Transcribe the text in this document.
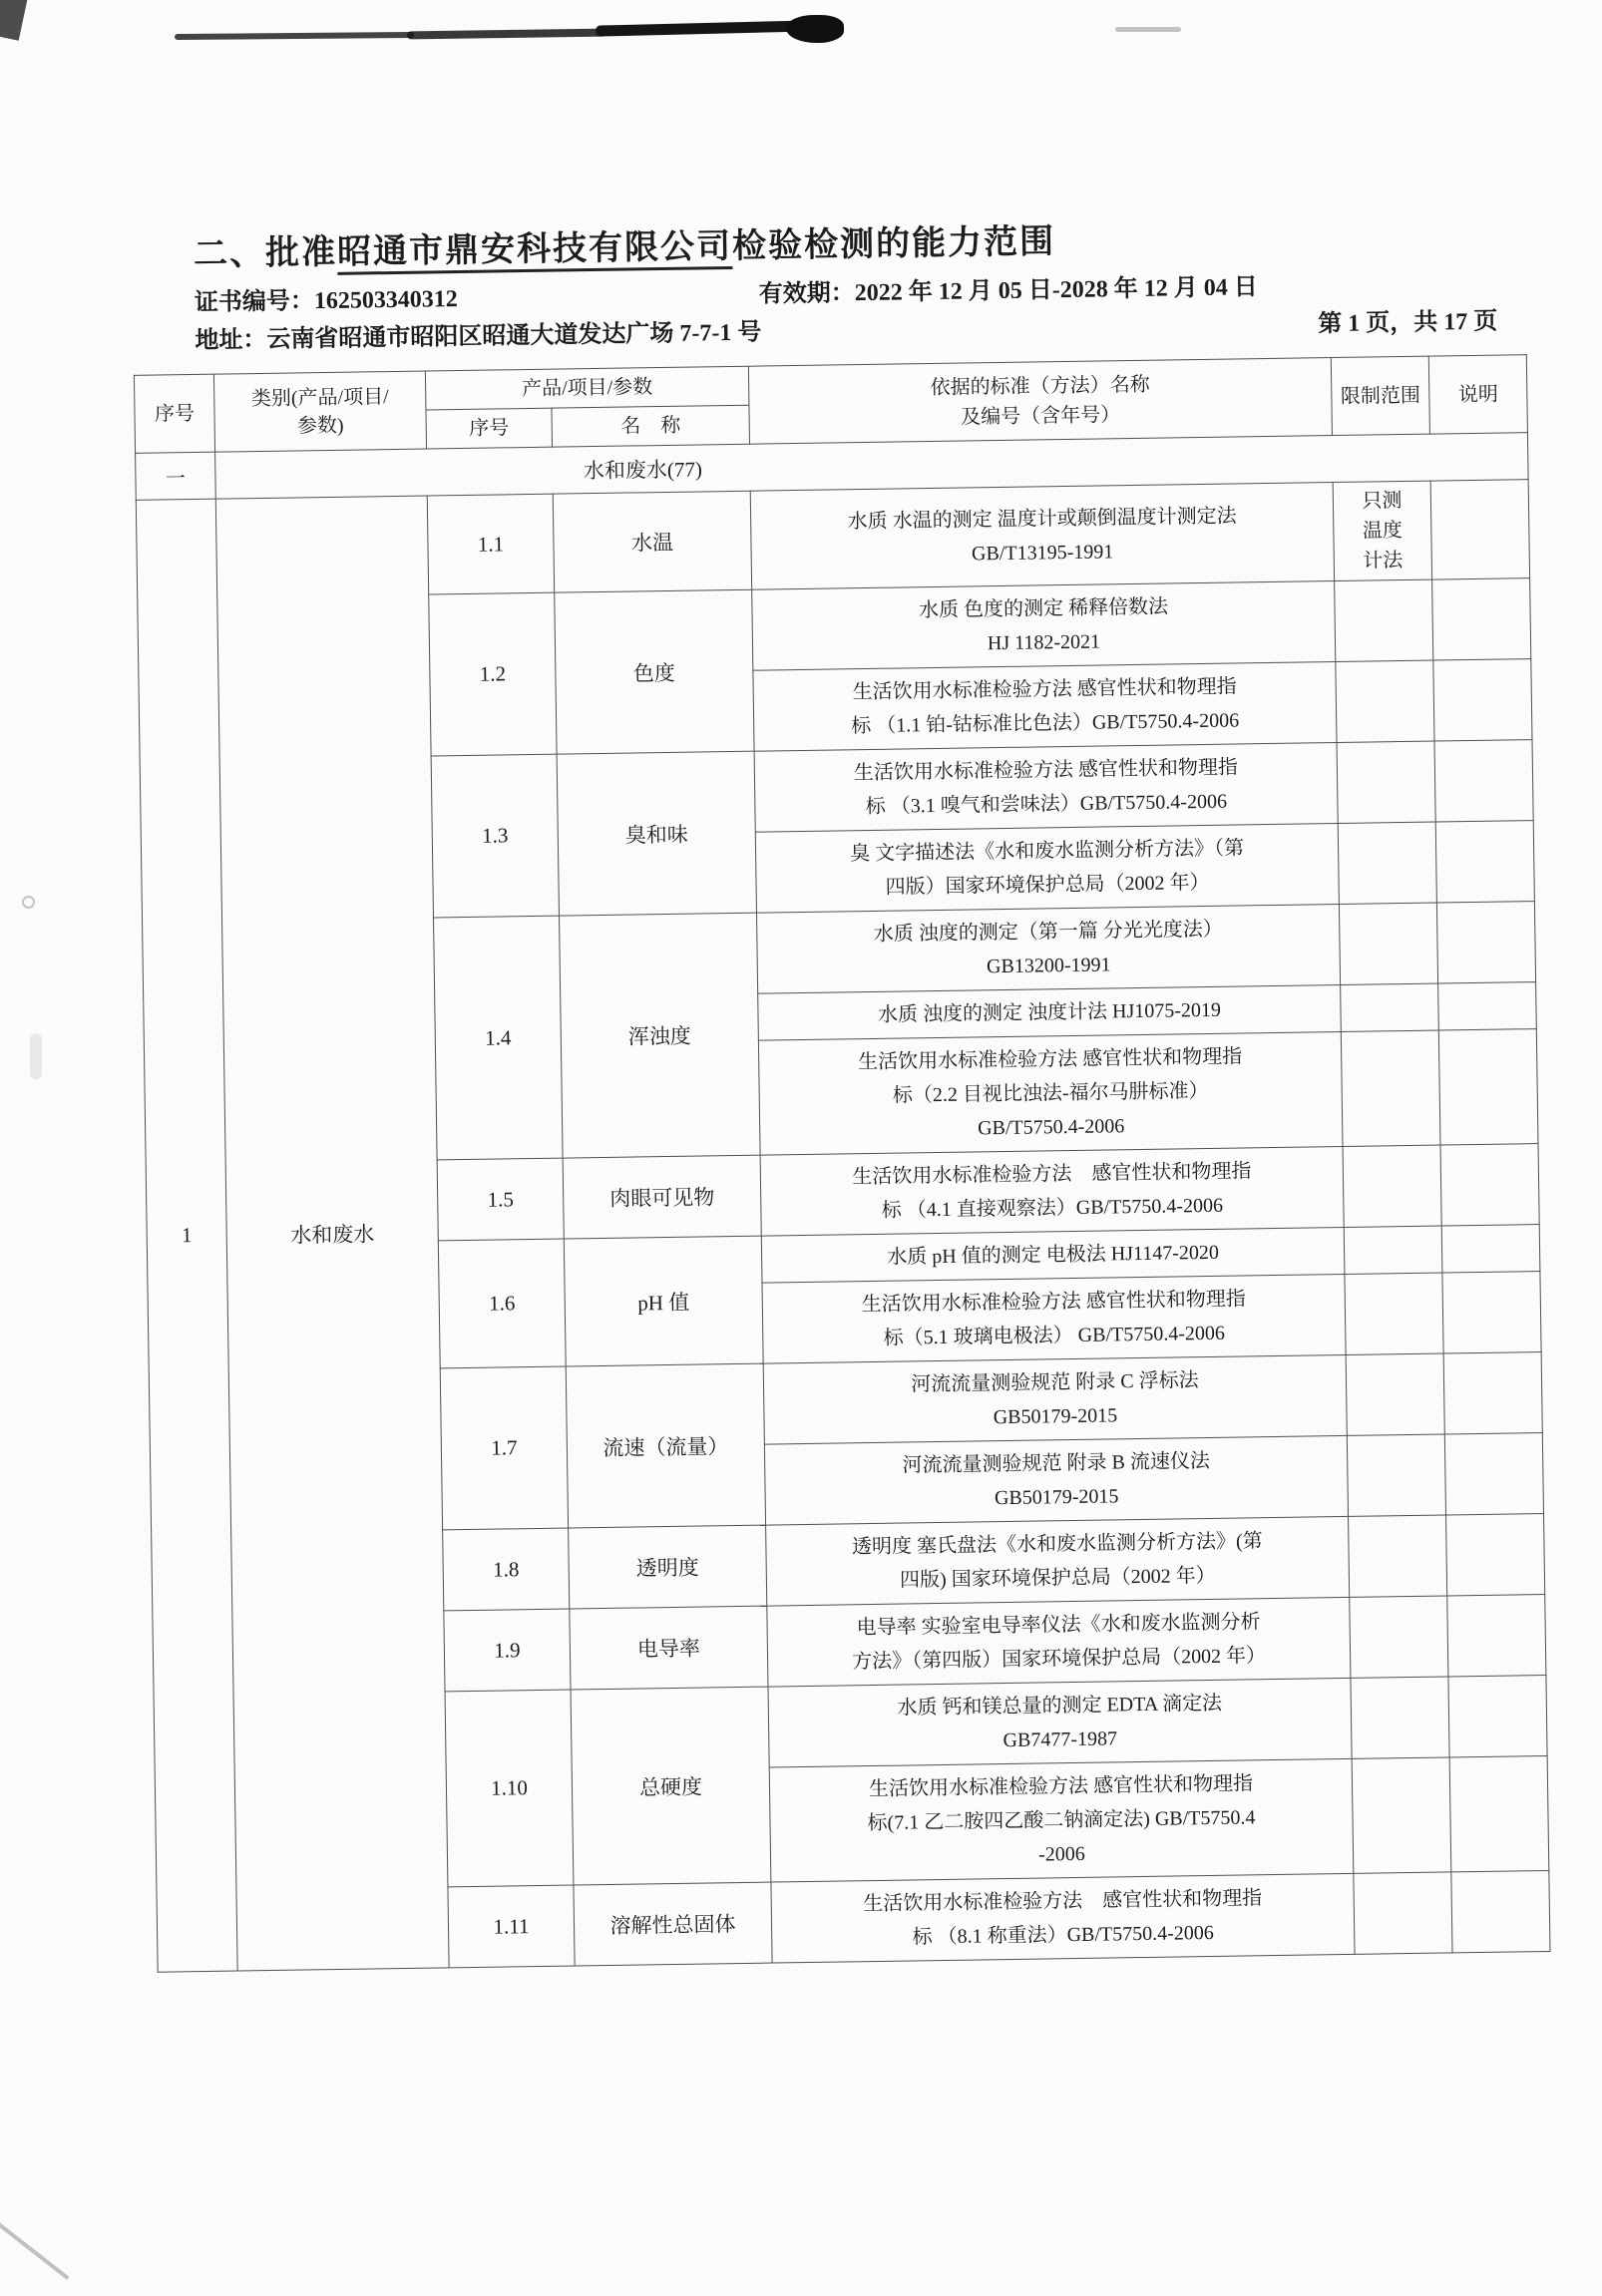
二、批准昭通市鼎安科技有限公司检验检测的能力范围
证书编号：162503340312	有效期：2022 年 12 月 05 日-2028 年 12 月 04 日
地址：云南省昭通市昭阳区昭通大道发达广场 7-7-1 号	第 1 页，共 17 页
序号	类别(产品/项目/参数)	产品/项目/参数		依据的标准（方法）名称
及编号（含年号）	限制范围	说明
		序号	名　称			
一	水和废水(77)					
1	水和废水	1.1	水温	水质 水温的测定 温度计或颠倒温度计测定法
GB/T13195-1991	只测温度计法	
		1.2	色度	水质 色度的测定 稀释倍数法
HJ 1182-2021		

				生活饮用水标准检验方法 感官性状和物理指
标 （1.1 铂-钴标准比色法）GB/T5750.4-2006		

		1.3	臭和味	生活饮用水标准检验方法 感官性状和物理指
标 （3.1 嗅气和尝味法）GB/T5750.4-2006		

				臭 文字描述法《水和废水监测分析方法》（第
四版）国家环境保护总局（2002 年）		

		1.4	浑浊度	水质 浊度的测定（第一篇 分光光度法）
GB13200-1991		

				水质 浊度的测定 浊度计法 HJ1075-2019		

				生活饮用水标准检验方法 感官性状和物理指
标（2.2 目视比浊法-福尔马肼标准）
GB/T5750.4-2006		

		1.5	肉眼可见物	生活饮用水标准检验方法　感官性状和物理指
标 （4.1 直接观察法）GB/T5750.4-2006		

		1.6	pH 值	水质 pH 值的测定 电极法 HJ1147-2020		

				生活饮用水标准检验方法 感官性状和物理指
标（5.1 玻璃电极法） GB/T5750.4-2006		

		1.7	流速（流量）	河流流量测验规范 附录 C 浮标法
GB50179-2015		

				河流流量测验规范 附录 B 流速仪法
GB50179-2015		

		1.8	透明度	透明度 塞氏盘法《水和废水监测分析方法》(第
四版) 国家环境保护总局（2002 年）		

		1.9	电导率	电导率 实验室电导率仪法《水和废水监测分析
方法》（第四版）国家环境保护总局（2002 年）		

		1.10	总硬度	水质 钙和镁总量的测定 EDTA 滴定法
GB7477-1987		

				生活饮用水标准检验方法 感官性状和物理指
标(7.1 乙二胺四乙酸二钠滴定法) GB/T5750.4
-2006		

		1.11	溶解性总固体	生活饮用水标准检验方法　感官性状和物理指
标 （8.1 称重法）GB/T5750.4-2006		
